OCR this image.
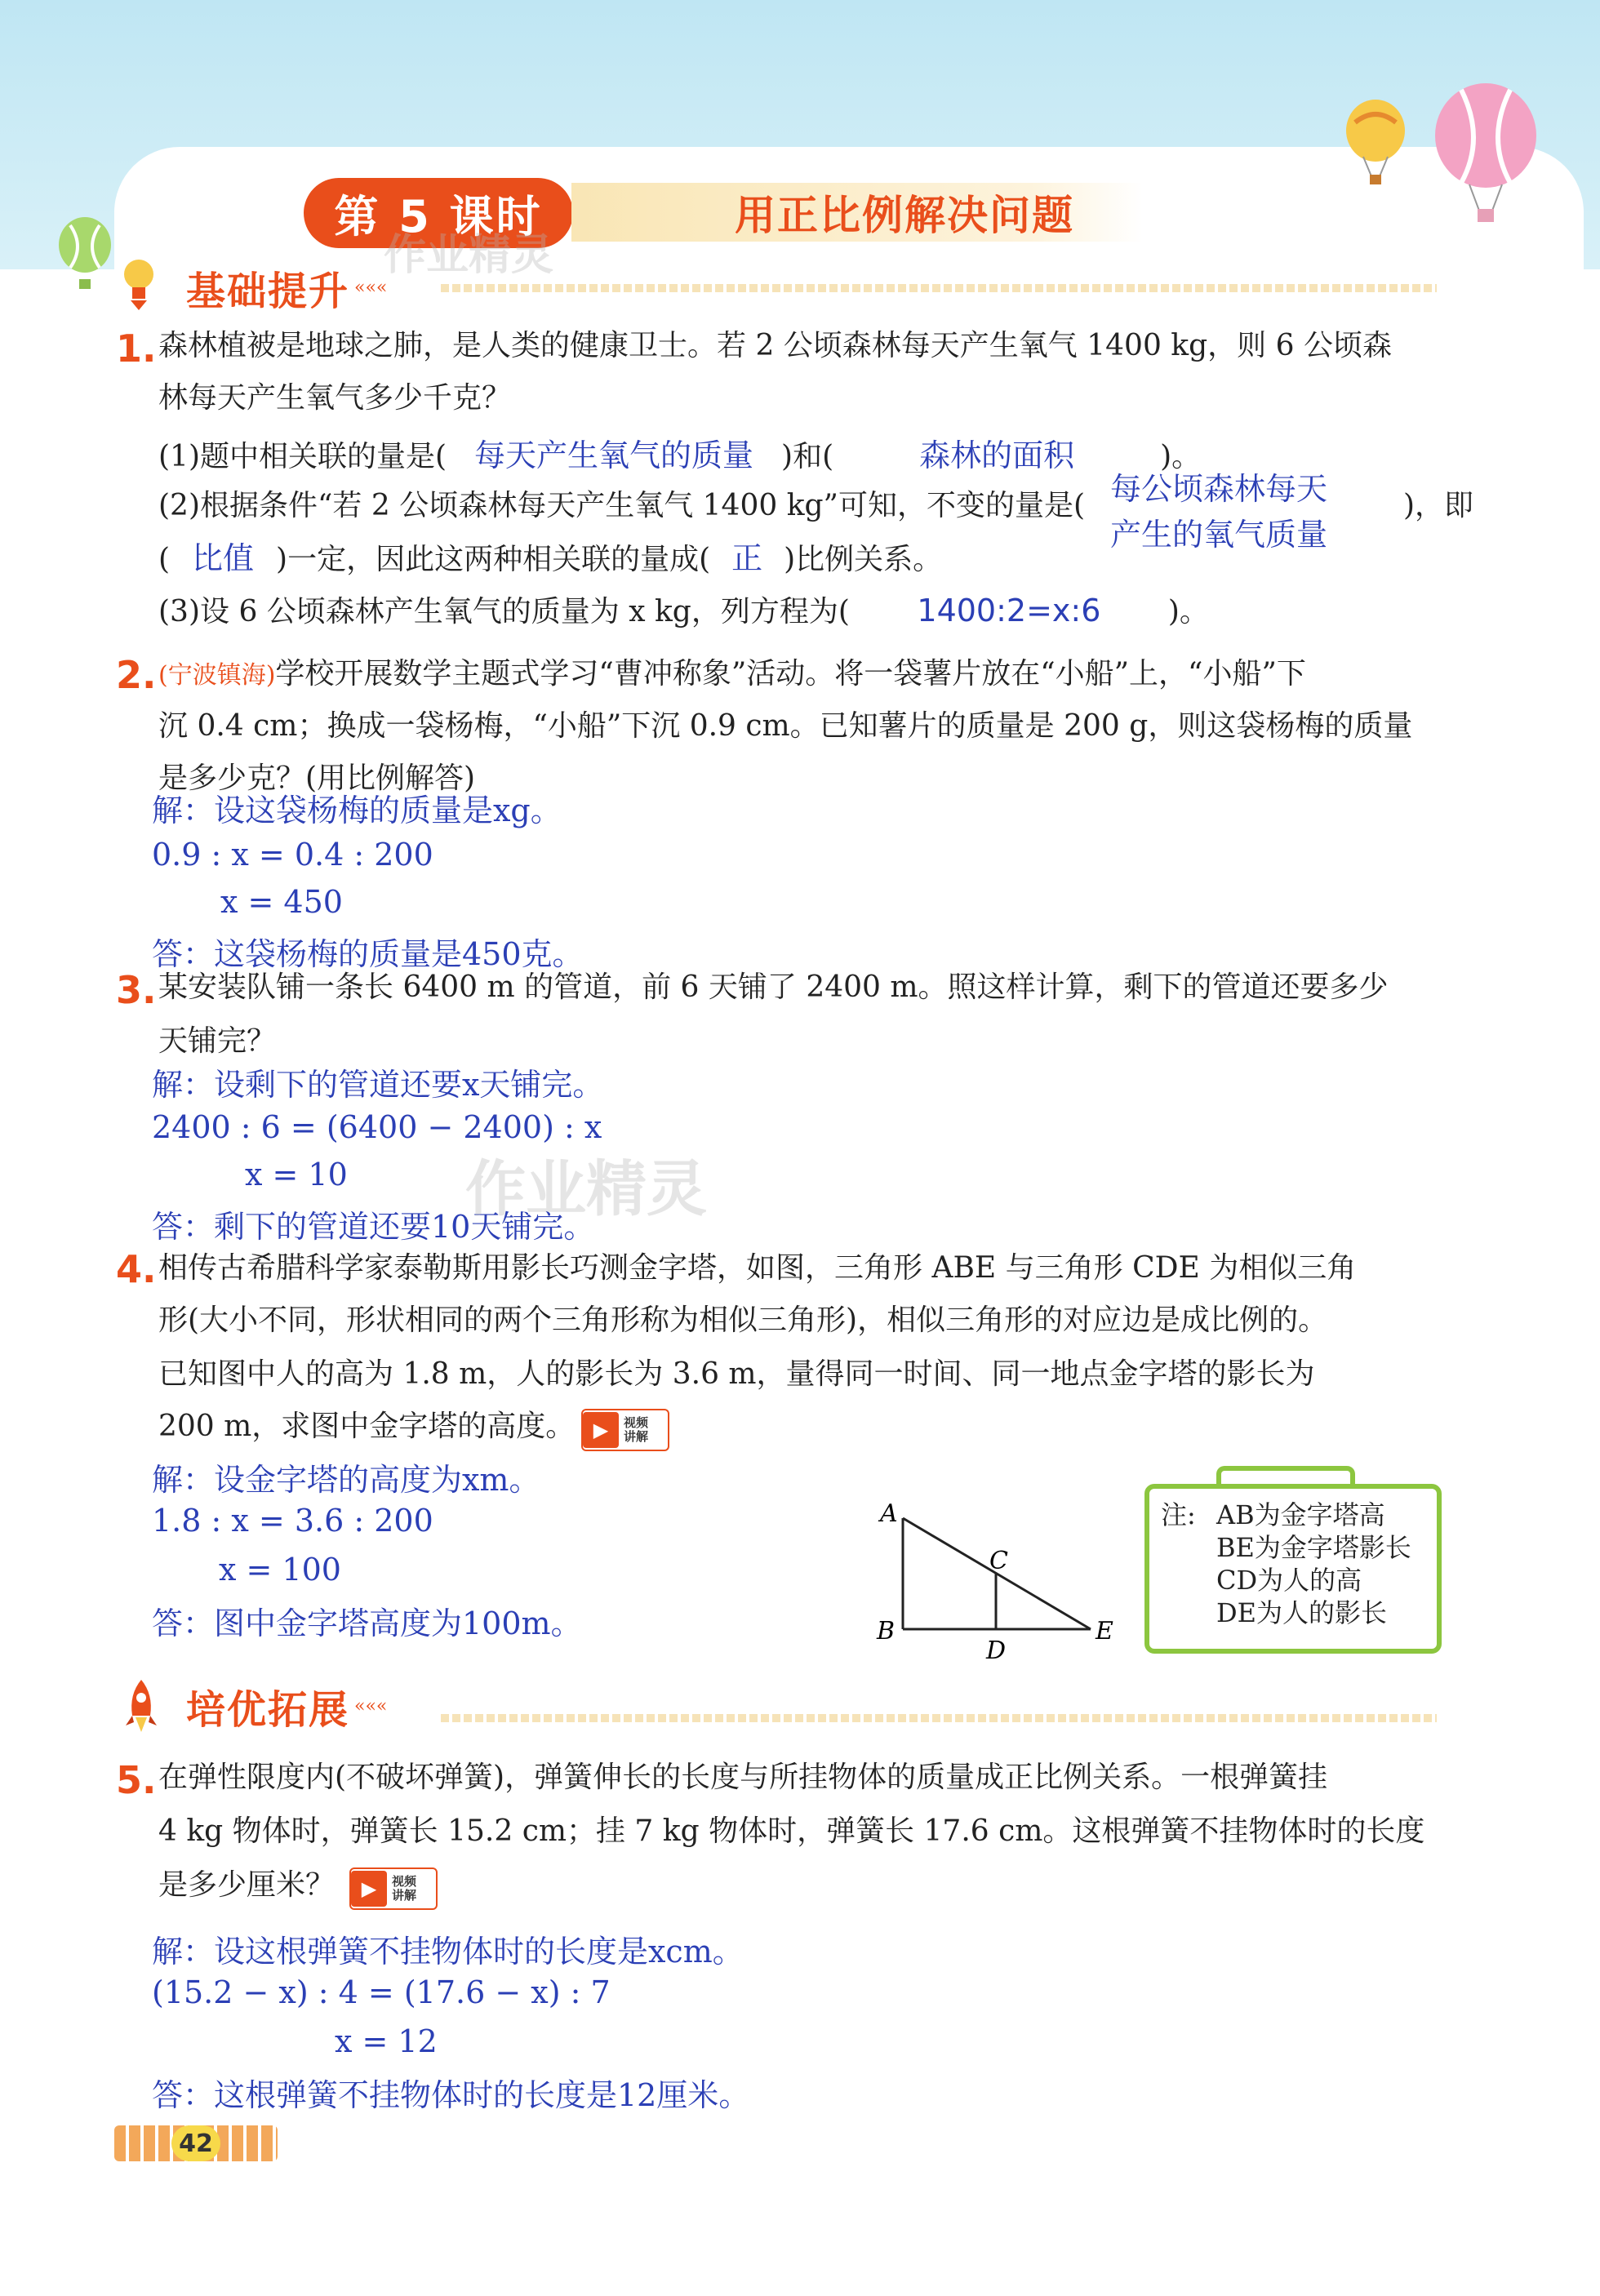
第 5 课时	用正比例解决问题
基础提升 «««
作业精灵
1. 森林植被是地球之肺，是人类的健康卫士。若 2 公顷森林每天产生氧气 1400 kg，则 6 公顷森
林每天产生氧气多少千克？
(1)题中相关联的量是( 每天产生氧气的质量 )和(	森林的面积	)。
(2)根据条件“若 2 公顷森林每天产生氧气 1400 kg”可知，不变的量是(	)，即
每公顷森林每天
产生的氧气质量
( 比值 )一定，因此这两种相关联的量成( 正 )比例关系。
(3)设 6 公顷森林产生氧气的质量为 x kg，列方程为( 1400:2=x:6 )。
2. (宁波镇海)学校开展数学主题式学习“曹冲称象”活动。将一袋薯片放在“小船”上，“小船”下
沉 0.4 cm；换成一袋杨梅，“小船”下沉 0.9 cm。已知薯片的质量是 200 g，则这袋杨梅的质量
是多少克？(用比例解答)
解：设这袋杨梅的质量是xg。
0.9 : x = 0.4 : 200
x = 450
答：这袋杨梅的质量是450克。
3. 某安装队铺一条长 6400 m 的管道，前 6 天铺了 2400 m。照这样计算，剩下的管道还要多少
天铺完？
解：设剩下的管道还要x天铺完。
2400 : 6 = (6400 − 2400) : x
x = 10
答：剩下的管道还要10天铺完。
作业精灵
4. 相传古希腊科学家泰勒斯用影长巧测金字塔，如图，三角形 ABE 与三角形 CDE 为相似三角
形(大小不同，形状相同的两个三角形称为相似三角形)，相似三角形的对应边是成比例的。
已知图中人的高为 1.8 m，人的影长为 3.6 m，量得同一时间、同一地点金字塔的影长为
200 m，求图中金字塔的高度。 ▶	视频
讲解
解：设金字塔的高度为xm。
1.8 : x = 3.6 : 200
x = 100
答：图中金字塔高度为100m。
A
B
C
D
E
注: AB为金字塔高
BE为金字塔影长
CD为人的高
DE为人的影长
培优拓展 «««
5. 在弹性限度内(不破坏弹簧)，弹簧伸长的长度与所挂物体的质量成正比例关系。一根弹簧挂
4 kg 物体时，弹簧长 15.2 cm；挂 7 kg 物体时，弹簧长 17.6 cm。这根弹簧不挂物体时的长度
是多少厘米？	▶	视频
讲解
解：设这根弹簧不挂物体时的长度是xcm。
(15.2 − x) : 4 = (17.6 − x) : 7
x = 12
答：这根弹簧不挂物体时的长度是12厘米。
42
